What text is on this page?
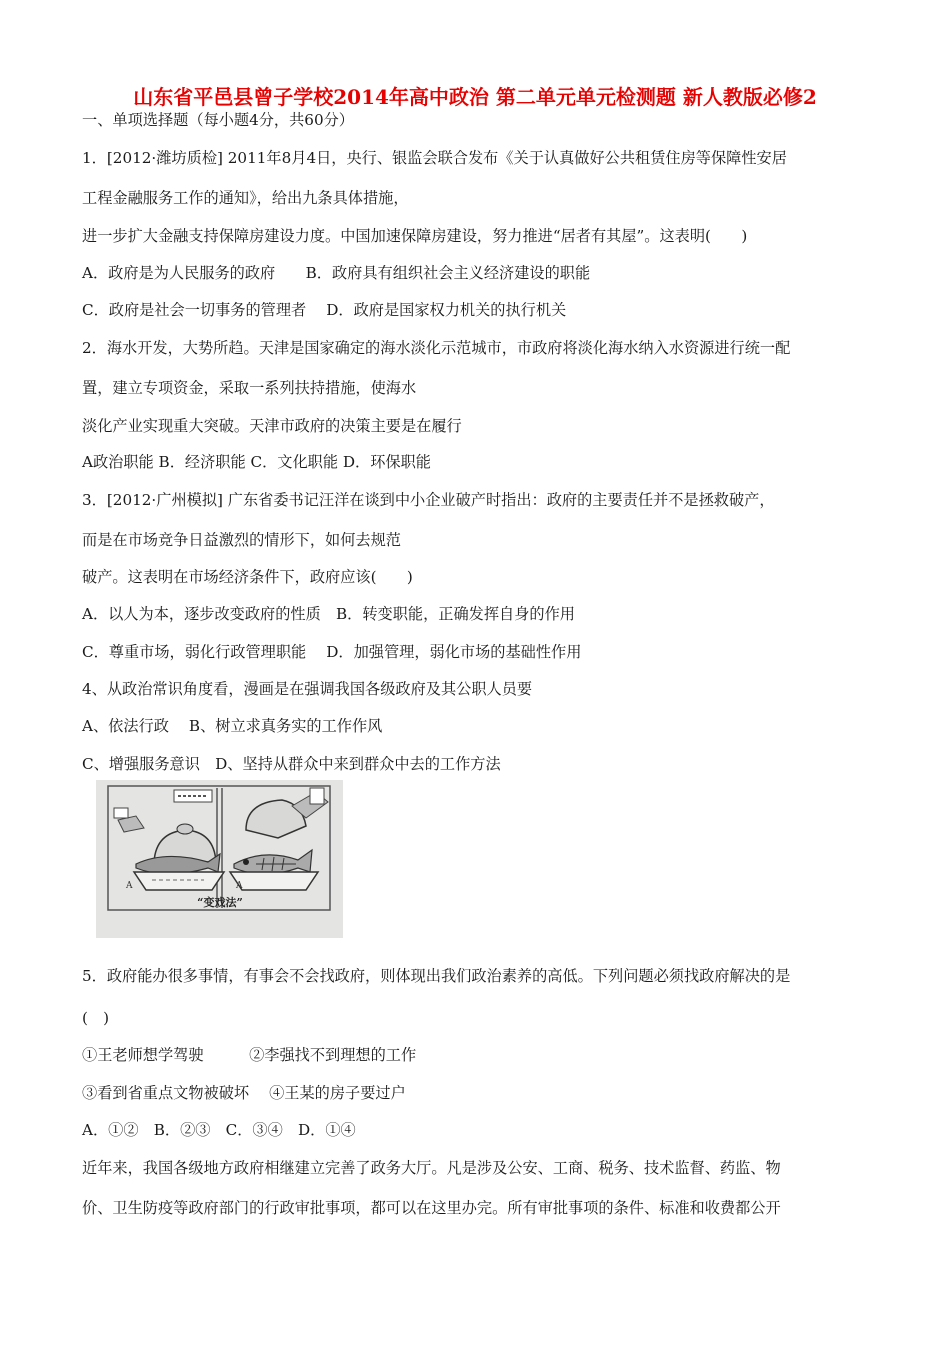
山东省平邑县曾子学校2014年高中政治 第二单元单元检测题 新人教版必修2
一、单项选择题（每小题4分，共60分）
1．[2012·潍坊质检] 2011年8月4日，央行、银监会联合发布《关于认真做好公共租赁住房等保障性安居
工程金融服务工作的通知》，给出九条具体措施，
进一步扩大金融支持保障房建设力度。中国加速保障房建设，努力推进“居者有其屋”。这表明(　　)
A．政府是为人民服务的政府　　B．政府具有组织社会主义经济建设的职能
C．政府是社会一切事务的管理者　 D．政府是国家权力机关的执行机关
2．海水开发，大势所趋。天津是国家确定的海水淡化示范城市，市政府将淡化海水纳入水资源进行统一配
置，建立专项资金，采取一系列扶持措施，使海水
淡化产业实现重大突破。天津市政府的决策主要是在履行
A政治职能 B．经济职能 C．文化职能 D．环保职能
3．[2012·广州模拟] 广东省委书记汪洋在谈到中小企业破产时指出：政府的主要责任并不是拯救破产，
而是在市场竞争日益激烈的情形下，如何去规范
破产。这表明在市场经济条件下，政府应该(　　)
A．以人为本，逐步改变政府的性质　B．转变职能，正确发挥自身的作用
C．尊重市场，弱化行政管理职能　 D．加强管理，弱化市场的基础性作用
4、从政治常识角度看，漫画是在强调我国各级政府及其公职人员要
A、依法行政　 B、树立求真务实的工作作风
C、增强服务意识　D、坚持从群众中来到群众中去的工作方法
A	A
“变戏法”
5．政府能办很多事情，有事会不会找政府，则体现出我们政治素养的高低。下列问题必须找政府解决的是
(　)
①王老师想学驾驶　　　②李强找不到理想的工作
③看到省重点文物被破坏　 ④王某的房子要过户
A．①②　B．②③　C．③④　D．①④
近年来，我国各级地方政府相继建立完善了政务大厅。凡是涉及公安、工商、税务、技术监督、药监、物
价、卫生防疫等政府部门的行政审批事项，都可以在这里办完。所有审批事项的条件、标准和收费都公开
